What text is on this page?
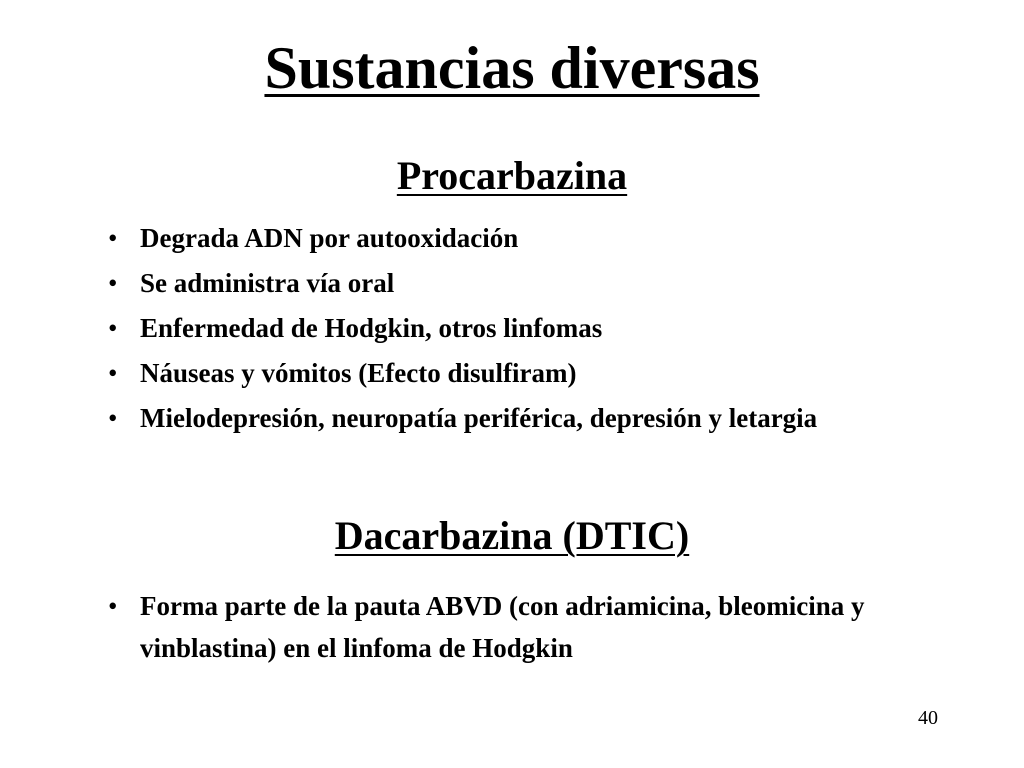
Sustancias diversas
Procarbazina
• Degrada ADN por autooxidación
• Se administra vía oral
• Enfermedad de Hodgkin, otros linfomas
• Náuseas y vómitos (Efecto disulfiram)
• Mielodepresión, neuropatía periférica, depresión y letargia
Dacarbazina (DTIC)
• Forma parte de la pauta ABVD (con adriamicina, bleomicina y vinblastina) en el linfoma de Hodgkin
40
